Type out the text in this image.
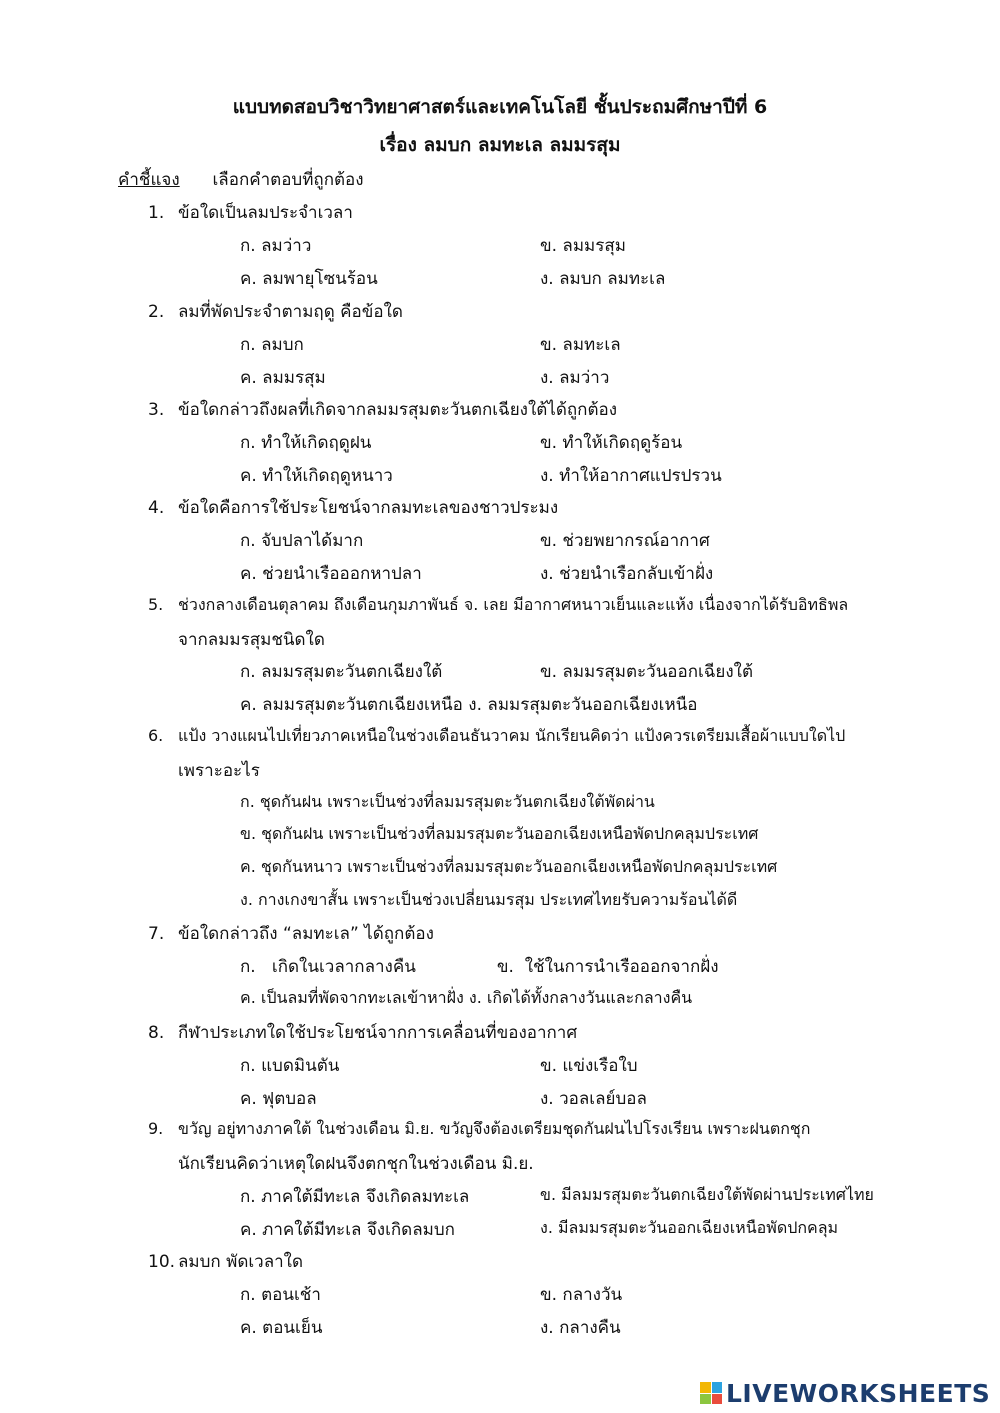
แบบทดสอบวิชาวิทยาศาสตร์และเทคโนโลยี ชั้นประถมศึกษาปีที่ 6
เรื่อง ลมบก ลมทะเล ลมมรสุม
คำชี้แจง เลือกคำตอบที่ถูกต้อง
1. ข้อใดเป็นลมประจำเวลา
ก. ลมว่าว	ข. ลมมรสุม
ค. ลมพายุโซนร้อน	ง. ลมบก ลมทะเล
2. ลมที่พัดประจำตามฤดู คือข้อใด
ก. ลมบก	ข. ลมทะเล
ค. ลมมรสุม	ง. ลมว่าว
3. ข้อใดกล่าวถึงผลที่เกิดจากลมมรสุมตะวันตกเฉียงใต้ได้ถูกต้อง
ก. ทำให้เกิดฤดูฝน	ข. ทำให้เกิดฤดูร้อน
ค. ทำให้เกิดฤดูหนาว	ง. ทำให้อากาศแปรปรวน
4. ข้อใดคือการใช้ประโยชน์จากลมทะเลของชาวประมง
ก. จับปลาได้มาก	ข. ช่วยพยากรณ์อากาศ
ค. ช่วยนำเรือออกหาปลา	ง. ช่วยนำเรือกลับเข้าฝั่ง
5. ช่วงกลางเดือนตุลาคม ถึงเดือนกุมภาพันธ์ จ. เลย มีอากาศหนาวเย็นและแห้ง เนื่องจากได้รับอิทธิพล
จากลมมรสุมชนิดใด
ก. ลมมรสุมตะวันตกเฉียงใต้	ข. ลมมรสุมตะวันออกเฉียงใต้
ค. ลมมรสุมตะวันตกเฉียงเหนือ ง. ลมมรสุมตะวันออกเฉียงเหนือ
6. แป้ง วางแผนไปเที่ยวภาคเหนือในช่วงเดือนธันวาคม นักเรียนคิดว่า แป้งควรเตรียมเสื้อผ้าแบบใดไป
เพราะอะไร
ก. ชุดกันฝน เพราะเป็นช่วงที่ลมมรสุมตะวันตกเฉียงใต้พัดผ่าน
ข. ชุดกันฝน เพราะเป็นช่วงที่ลมมรสุมตะวันออกเฉียงเหนือพัดปกคลุมประเทศ
ค. ชุดกันหนาว เพราะเป็นช่วงที่ลมมรสุมตะวันออกเฉียงเหนือพัดปกคลุมประเทศ
ง. กางเกงขาสั้น เพราะเป็นช่วงเปลี่ยนมรสุม ประเทศไทยรับความร้อนได้ดี
7. ข้อใดกล่าวถึง “ลมทะเล” ได้ถูกต้อง
ก.   เกิดในเวลากลางคืน               ข.  ใช้ในการนำเรือออกจากฝั่ง
ค. เป็นลมที่พัดจากทะเลเข้าหาฝั่ง ง. เกิดได้ทั้งกลางวันและกลางคืน
8. กีฬาประเภทใดใช้ประโยชน์จากการเคลื่อนที่ของอากาศ
ก. แบดมินตัน	ข. แข่งเรือใบ
ค. ฟุตบอล	ง. วอลเลย์บอล
9. ขวัญ อยู่ทางภาคใต้ ในช่วงเดือน มิ.ย. ขวัญจึงต้องเตรียมชุดกันฝนไปโรงเรียน เพราะฝนตกชุก
นักเรียนคิดว่าเหตุใดฝนจึงตกชุกในช่วงเดือน มิ.ย.
ก. ภาคใต้มีทะเล จึงเกิดลมทะเล	ข. มีลมมรสุมตะวันตกเฉียงใต้พัดผ่านประเทศไทย
ค. ภาคใต้มีทะเล จึงเกิดลมบก	ง. มีลมมรสุมตะวันออกเฉียงเหนือพัดปกคลุม
10. ลมบก พัดเวลาใด
ก. ตอนเช้า	ข. กลางวัน
ค. ตอนเย็น	ง. กลางคืน
LIVEWORKSHEETS
